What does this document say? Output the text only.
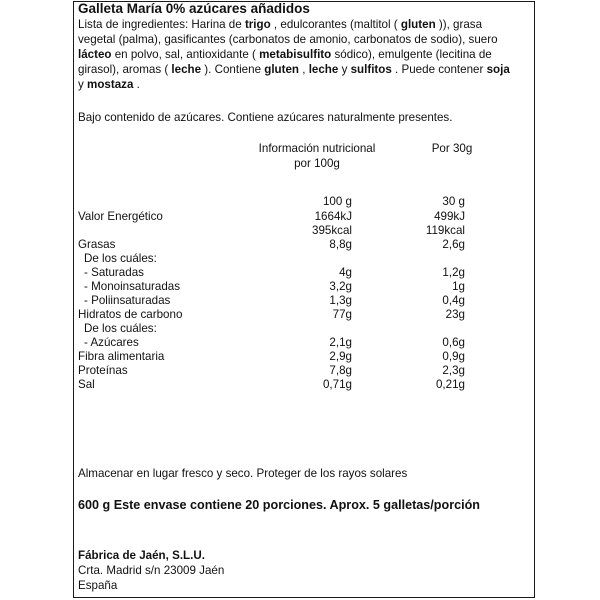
Galleta María 0% azúcares añadidos
Lista de ingredientes: Harina de trigo , edulcorantes (maltitol ( gluten )), grasa vegetal (palma), gasificantes (carbonatos de amonio, carbonatos de sodio), suero lácteo en polvo, sal, antioxidante ( metabisulfito sódico), emulgente (lecitina de girasol), aromas ( leche ). Contiene gluten , leche y sulfitos . Puede contener soja y mostaza .
Bajo contenido de azúcares. Contiene azúcares naturalmente presentes.
Información nutricional por 100g
Por 30g
100 g	30 g
Valor Energético	1664kJ	499kJ
395kcal	119kcal
Grasas	8,8g	2,6g
De los cuáles:
- Saturadas	4g	1,2g
- Monoinsaturadas	3,2g	1g
- Poliinsaturadas	1,3g	0,4g
Hidratos de carbono	77g	23g
De los cuáles:
- Azúcares	2,1g	0,6g
Fibra alimentaria	2,9g	0,9g
Proteínas	7,8g	2,3g
Sal	0,71g	0,21g
Almacenar en lugar fresco y seco. Proteger de los rayos solares
600 g Este envase contiene 20 porciones. Aprox. 5 galletas/porción
Fábrica de Jaén, S.L.U.
Crta. Madrid s/n 23009 Jaén
España
